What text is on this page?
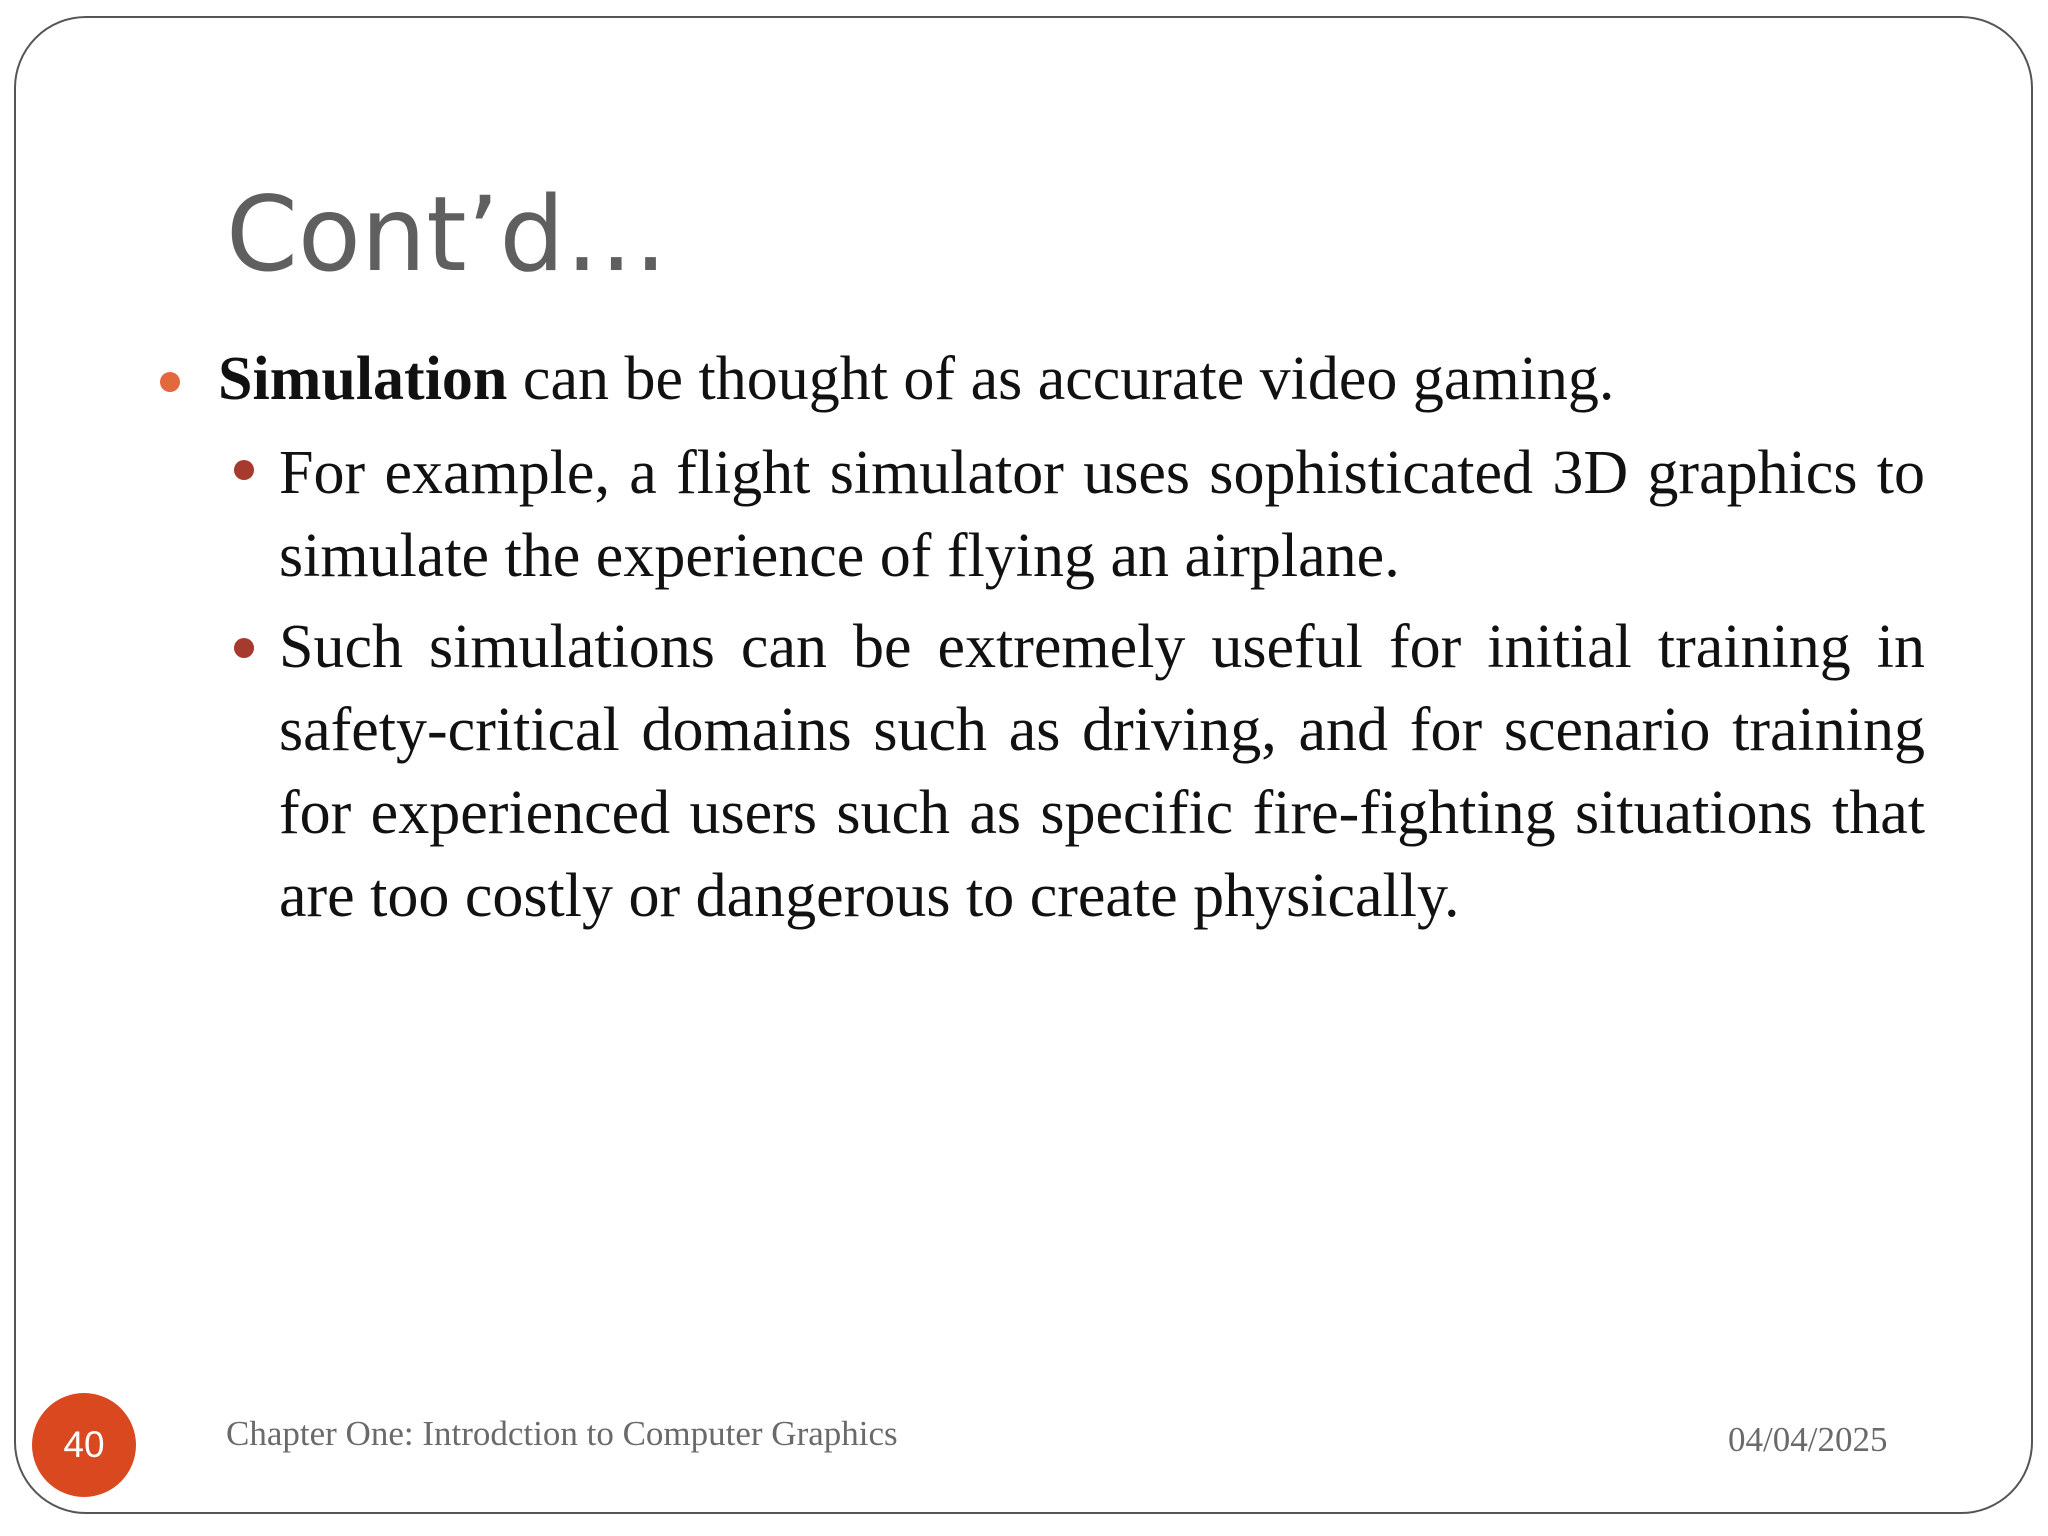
Cont’d…
Simulation can be thought of as accurate video gaming.

For example, a flight simulator uses sophisticated 3D graphics to simulate the experience of flying an airplane.

Such simulations can be extremely useful for initial training in safety-critical domains such as driving, and for scenario training for experienced users such as specific fire-fighting situations that are too costly or dangerous to create physically.

40	Chapter One: Introdction to Computer Graphics	04/04/2025
